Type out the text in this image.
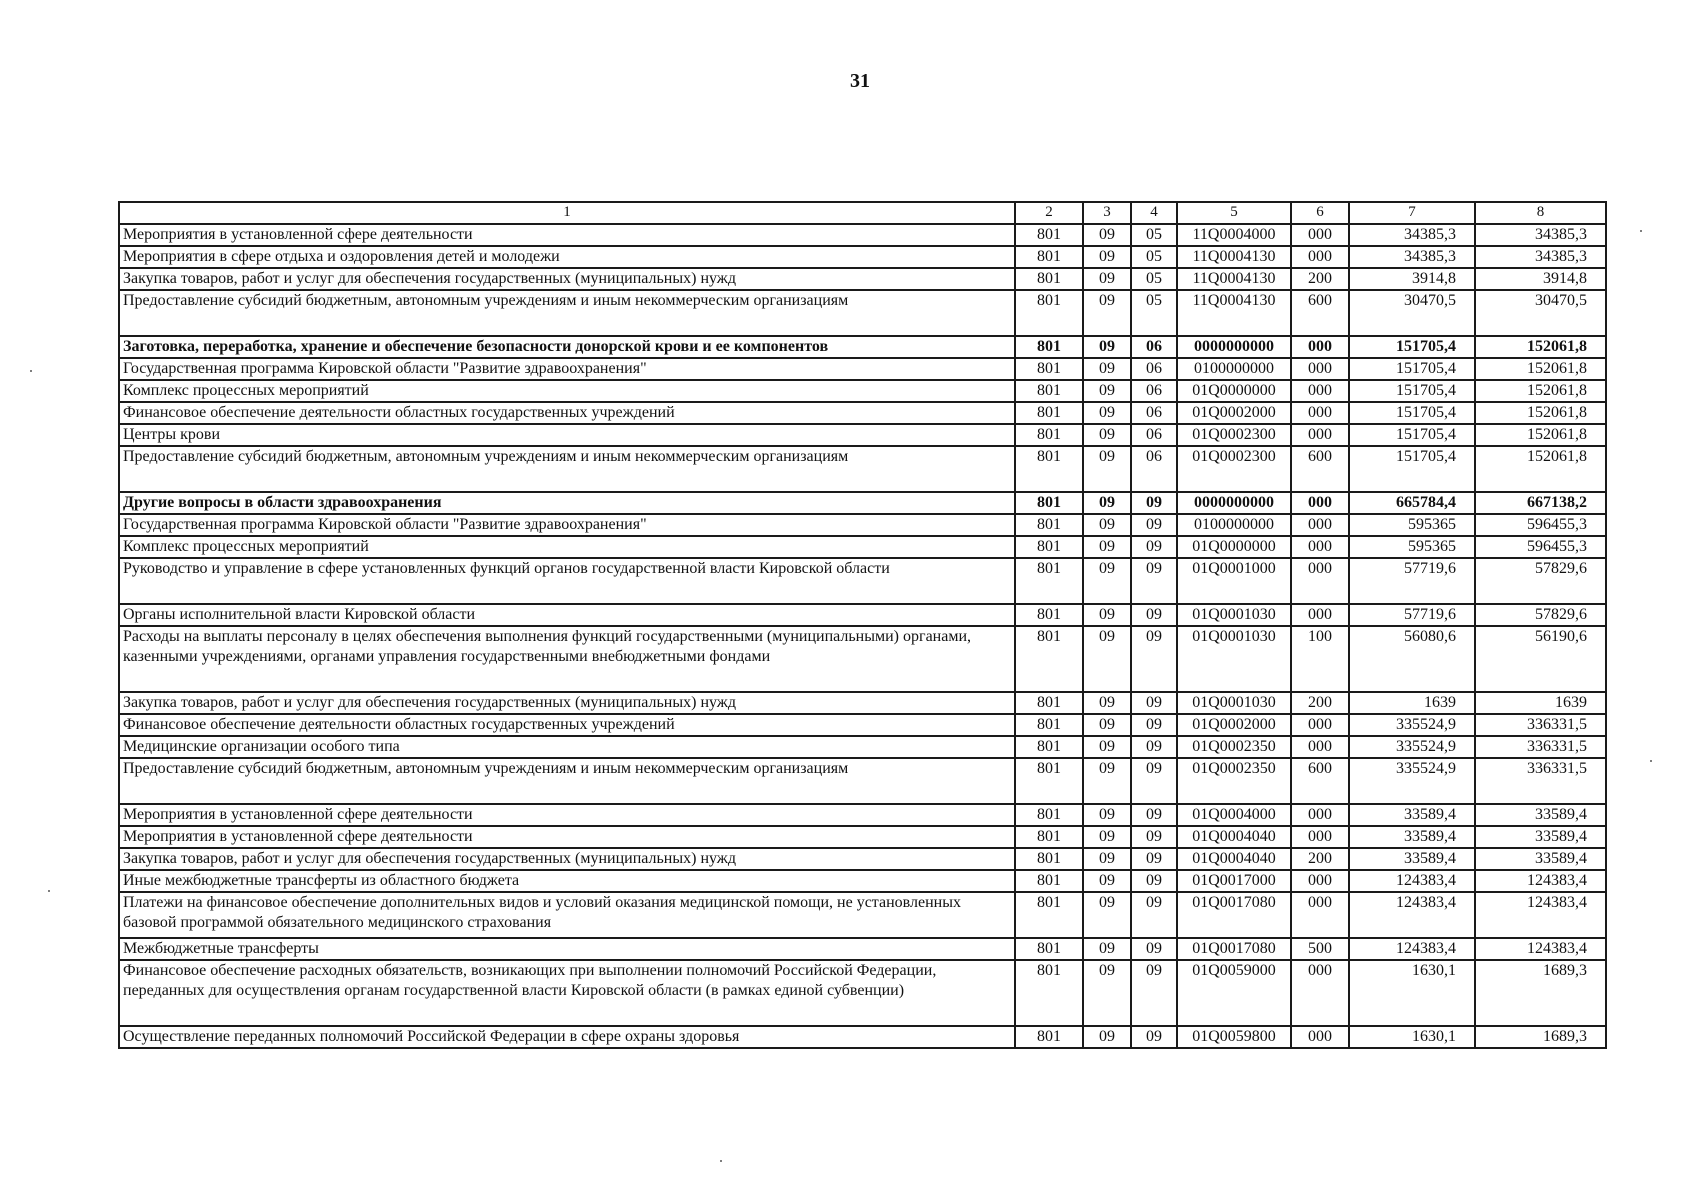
31
1	2	3	4	5	6	7	8
Мероприятия в установленной сфере деятельности	801	09	05	11Q0004000	000	34385,3	34385,3
Мероприятия в сфере отдыха и оздоровления детей и молодежи	801	09	05	11Q0004130	000	34385,3	34385,3
Закупка товаров, работ и услуг для обеспечения государственных (муниципальных) нужд	801	09	05	11Q0004130	200	3914,8	3914,8
Предоставление субсидий бюджетным, автономным учреждениям и иным некоммерческим организациям	801	09	05	11Q0004130	600	30470,5	30470,5
Заготовка, переработка, хранение и обеспечение безопасности донорской крови и ее компонентов	801	09	06	0000000000	000	151705,4	152061,8
Государственная программа Кировской области "Развитие здравоохранения"	801	09	06	0100000000	000	151705,4	152061,8
Комплекс процессных мероприятий	801	09	06	01Q0000000	000	151705,4	152061,8
Финансовое обеспечение деятельности областных государственных учреждений	801	09	06	01Q0002000	000	151705,4	152061,8
Центры крови	801	09	06	01Q0002300	000	151705,4	152061,8
Предоставление субсидий бюджетным, автономным учреждениям и иным некоммерческим организациям	801	09	06	01Q0002300	600	151705,4	152061,8
Другие вопросы в области здравоохранения	801	09	09	0000000000	000	665784,4	667138,2
Государственная программа Кировской области "Развитие здравоохранения"	801	09	09	0100000000	000	595365	596455,3
Комплекс процессных мероприятий	801	09	09	01Q0000000	000	595365	596455,3
Руководство и управление в сфере установленных функций органов государственной власти Кировской области	801	09	09	01Q0001000	000	57719,6	57829,6
Органы исполнительной власти Кировской области	801	09	09	01Q0001030	000	57719,6	57829,6
Расходы на выплаты персоналу в целях обеспечения выполнения функций государственными (муниципальными) органами, казенными учреждениями, органами управления государственными внебюджетными фондами	801	09	09	01Q0001030	100	56080,6	56190,6
Закупка товаров, работ и услуг для обеспечения государственных (муниципальных) нужд	801	09	09	01Q0001030	200	1639	1639
Финансовое обеспечение деятельности областных государственных учреждений	801	09	09	01Q0002000	000	335524,9	336331,5
Медицинские организации особого типа	801	09	09	01Q0002350	000	335524,9	336331,5
Предоставление субсидий бюджетным, автономным учреждениям и иным некоммерческим организациям	801	09	09	01Q0002350	600	335524,9	336331,5
Мероприятия в установленной сфере деятельности	801	09	09	01Q0004000	000	33589,4	33589,4
Мероприятия в установленной сфере деятельности	801	09	09	01Q0004040	000	33589,4	33589,4
Закупка товаров, работ и услуг для обеспечения государственных (муниципальных) нужд	801	09	09	01Q0004040	200	33589,4	33589,4
Иные межбюджетные трансферты из областного бюджета	801	09	09	01Q0017000	000	124383,4	124383,4
Платежи на финансовое обеспечение дополнительных видов и условий оказания медицинской помощи, не установленных базовой программой обязательного медицинского страхования	801	09	09	01Q0017080	000	124383,4	124383,4
Межбюджетные трансферты	801	09	09	01Q0017080	500	124383,4	124383,4
Финансовое обеспечение расходных обязательств, возникающих при выполнении полномочий Российской Федерации, переданных для осуществления органам государственной власти Кировской области (в рамках единой субвенции)	801	09	09	01Q0059000	000	1630,1	1689,3
Осуществление переданных полномочий Российской Федерации в сфере охраны здоровья	801	09	09	01Q0059800	000	1630,1	1689,3
